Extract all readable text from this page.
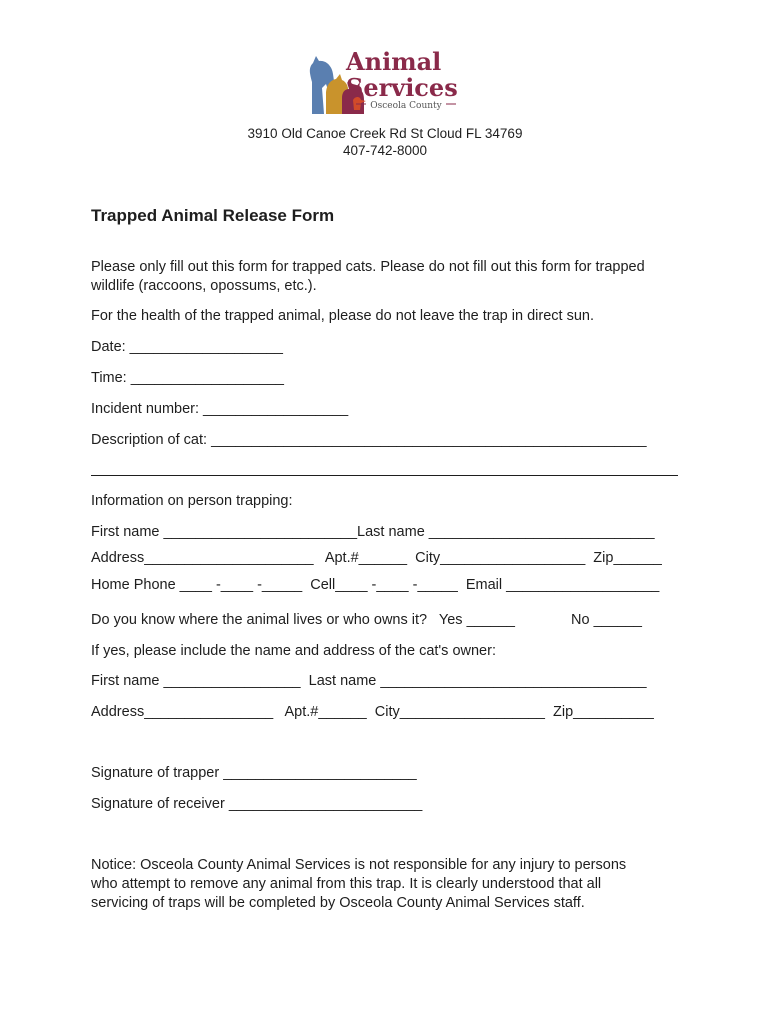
Animal
Services
Osceola County
3910 Old Canoe Creek Rd St Cloud FL 34769
407-742-8000
Trapped Animal Release Form

Please only fill out this form for trapped cats. Please do not fill out this form for trapped wildlife (raccoons, opossums, etc.).

For the health of the trapped animal, please do not leave the trap in direct sun.
Date: ___________________
Time: ___________________
Incident number: __________________
Description of cat: ______________________________________________________
Information on person trapping:
First name ________________________Last name ____________________________
Address_____________________   Apt.#______  City__________________  Zip______
Home Phone ____ -____ -_____  Cell____ -____ -_____  Email ___________________
Do you know where the animal lives or who owns it?   Yes ______	No ______
If yes, please include the name and address of the cat's owner:
First name _________________  Last name _________________________________
Address________________   Apt.#______  City__________________  Zip__________
Signature of trapper ________________________
Signature of receiver ________________________

Notice: Osceola County Animal Services is not responsible for any injury to persons who attempt to remove any animal from this trap. It is clearly understood that all servicing of traps will be completed by Osceola County Animal Services staff.
